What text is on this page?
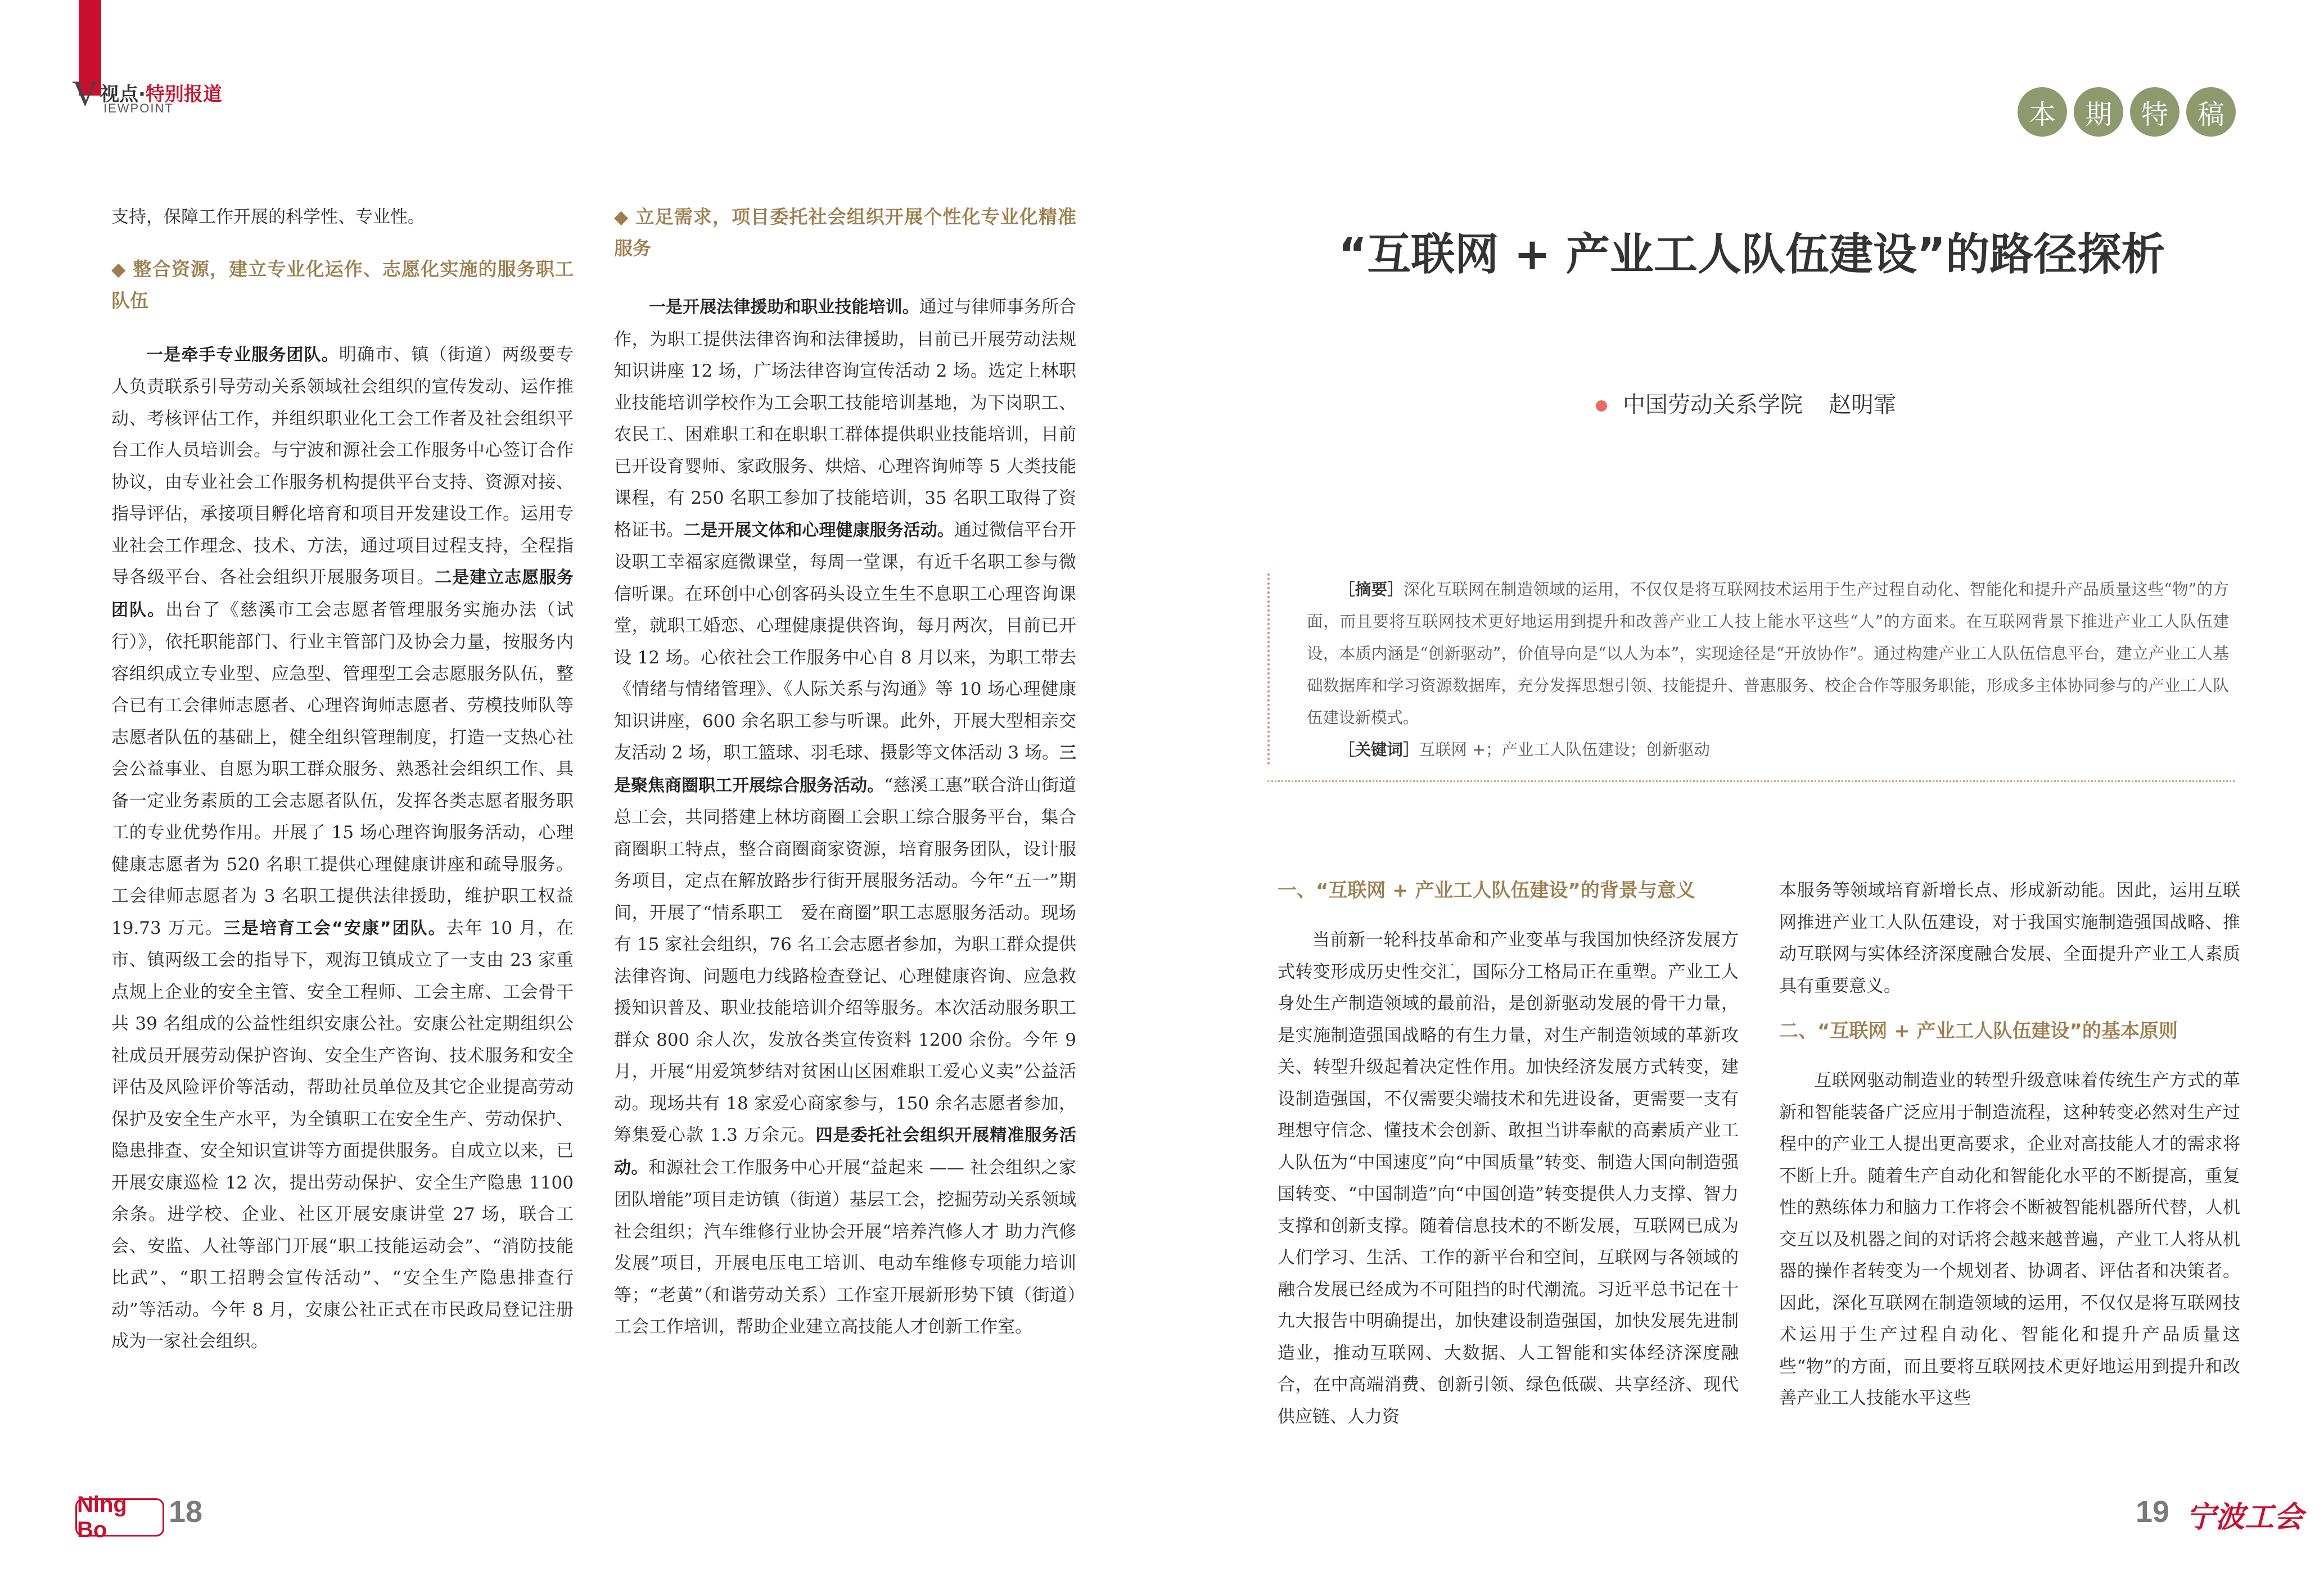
V 视点·特别报道
IEWPOINT	本	期	特	稿

支持，保障工作开展的科学性、专业性。

◆ 整合资源，建立专业化运作、志愿化实施的服务职工队伍

一是牵手专业服务团队。明确市、镇（街道）两级要专人负责联系引导劳动关系领域社会组织的宣传发动、运作推动、考核评估工作，并组织职业化工会工作者及社会组织平台工作人员培训会。与宁波和源社会工作服务中心签订合作协议，由专业社会工作服务机构提供平台支持、资源对接、指导评估，承接项目孵化培育和项目开发建设工作。运用专业社会工作理念、技术、方法，通过项目过程支持，全程指导各级平台、各社会组织开展服务项目。二是建立志愿服务团队。出台了《慈溪市工会志愿者管理服务实施办法（试行）》，依托职能部门、行业主管部门及协会力量，按服务内容组织成立专业型、应急型、管理型工会志愿服务队伍，整合已有工会律师志愿者、心理咨询师志愿者、劳模技师队等志愿者队伍的基础上，健全组织管理制度，打造一支热心社会公益事业、自愿为职工群众服务、熟悉社会组织工作、具备一定业务素质的工会志愿者队伍，发挥各类志愿者服务职工的专业优势作用。开展了 15 场心理咨询服务活动，心理健康志愿者为 520 名职工提供心理健康讲座和疏导服务。工会律师志愿者为 3 名职工提供法律援助，维护职工权益 19.73 万元。三是培育工会“安康”团队。去年 10 月，在市、镇两级工会的指导下，观海卫镇成立了一支由 23 家重点规上企业的安全主管、安全工程师、工会主席、工会骨干共 39 名组成的公益性组织安康公社。安康公社定期组织公社成员开展劳动保护咨询、安全生产咨询、技术服务和安全评估及风险评价等活动，帮助社员单位及其它企业提高劳动保护及安全生产水平，为全镇职工在安全生产、劳动保护、隐患排查、安全知识宣讲等方面提供服务。自成立以来，已开展安康巡检 12 次，提出劳动保护、安全生产隐患 1100 余条。进学校、企业、社区开展安康讲堂 27 场，联合工会、安监、人社等部门开展“职工技能运动会”、“消防技能比武”、“职工招聘会宣传活动”、“安全生产隐患排查行动”等活动。今年 8 月，安康公社正式在市民政局登记注册成为一家社会组织。

◆ 立足需求，项目委托社会组织开展个性化专业化精准服务

一是开展法律援助和职业技能培训。通过与律师事务所合作，为职工提供法律咨询和法律援助，目前已开展劳动法规知识讲座 12 场，广场法律咨询宣传活动 2 场。选定上林职业技能培训学校作为工会职工技能培训基地，为下岗职工、农民工、困难职工和在职职工群体提供职业技能培训，目前已开设育婴师、家政服务、烘焙、心理咨询师等 5 大类技能课程，有 250 名职工参加了技能培训，35 名职工取得了资格证书。二是开展文体和心理健康服务活动。通过微信平台开设职工幸福家庭微课堂，每周一堂课，有近千名职工参与微信听课。在环创中心创客码头设立生生不息职工心理咨询课堂，就职工婚恋、心理健康提供咨询，每月两次，目前已开设 12 场。心依社会工作服务中心自 8 月以来，为职工带去《情绪与情绪管理》、《人际关系与沟通》等 10 场心理健康知识讲座，600 余名职工参与听课。此外，开展大型相亲交友活动 2 场，职工篮球、羽毛球、摄影等文体活动 3 场。三是聚焦商圈职工开展综合服务活动。“慈溪工惠”联合浒山街道总工会，共同搭建上林坊商圈工会职工综合服务平台，集合商圈职工特点，整合商圈商家资源，培育服务团队，设计服务项目，定点在解放路步行街开展服务活动。今年“五一”期间，开展了“情系职工　爱在商圈”职工志愿服务活动。现场有 15 家社会组织，76 名工会志愿者参加，为职工群众提供法律咨询、问题电力线路检查登记、心理健康咨询、应急救援知识普及、职业技能培训介绍等服务。本次活动服务职工群众 800 余人次，发放各类宣传资料 1200 余份。今年 9 月，开展“用爱筑梦结对贫困山区困难职工爱心义卖”公益活动。现场共有 18 家爱心商家参与，150 余名志愿者参加，筹集爱心款 1.3 万余元。四是委托社会组织开展精准服务活动。和源社会工作服务中心开展“益起来 —— 社会组织之家团队增能”项目走访镇（街道）基层工会，挖掘劳动关系领域社会组织；汽车维修行业协会开展“培养汽修人才 助力汽修发展”项目，开展电压电工培训、电动车维修专项能力培训等；“老黄”（和谐劳动关系）工作室开展新形势下镇（街道）工会工作培训，帮助企业建立高技能人才创新工作室。

“互联网 + 产业工人队伍建设”的路径探析
中国劳动关系学院 赵明霏

［摘要］深化互联网在制造领域的运用，不仅仅是将互联网技术运用于生产过程自动化、智能化和提升产品质量这些“物”的方面，而且要将互联网技术更好地运用到提升和改善产业工人技上能水平这些“人”的方面来。在互联网背景下推进产业工人队伍建设，本质内涵是“创新驱动”，价值导向是“以人为本”，实现途径是“开放协作”。通过构建产业工人队伍信息平台，建立产业工人基础数据库和学习资源数据库，充分发挥思想引领、技能提升、普惠服务、校企合作等服务职能，形成多主体协同参与的产业工人队伍建设新模式。

［关键词］互联网 +；产业工人队伍建设；创新驱动

一、“互联网 + 产业工人队伍建设”的背景与意义

当前新一轮科技革命和产业变革与我国加快经济发展方式转变形成历史性交汇，国际分工格局正在重塑。产业工人身处生产制造领域的最前沿，是创新驱动发展的骨干力量，是实施制造强国战略的有生力量，对生产制造领域的革新攻关、转型升级起着决定性作用。加快经济发展方式转变，建设制造强国，不仅需要尖端技术和先进设备，更需要一支有理想守信念、懂技术会创新、敢担当讲奉献的高素质产业工人队伍为“中国速度”向“中国质量”转变、制造大国向制造强国转变、“中国制造”向“中国创造”转变提供人力支撑、智力支撑和创新支撑。随着信息技术的不断发展，互联网已成为人们学习、生活、工作的新平台和空间，互联网与各领域的融合发展已经成为不可阻挡的时代潮流。习近平总书记在十九大报告中明确提出，加快建设制造强国，加快发展先进制造业，推动互联网、大数据、人工智能和实体经济深度融合，在中高端消费、创新引领、绿色低碳、共享经济、现代供应链、人力资

本服务等领域培育新增长点、形成新动能。因此，运用互联网推进产业工人队伍建设，对于我国实施制造强国战略、推动互联网与实体经济深度融合发展、全面提升产业工人素质具有重要意义。

二、“互联网 + 产业工人队伍建设”的基本原则

互联网驱动制造业的转型升级意味着传统生产方式的革新和智能装备广泛应用于制造流程，这种转变必然对生产过程中的产业工人提出更高要求，企业对高技能人才的需求将不断上升。随着生产自动化和智能化水平的不断提高，重复性的熟练体力和脑力工作将会不断被智能机器所代替，人机交互以及机器之间的对话将会越来越普遍，产业工人将从机器的操作者转变为一个规划者、协调者、评估者和决策者。因此，深化互联网在制造领域的运用，不仅仅是将互联网技术运用于生产过程自动化、智能化和提升产品质量这些“物”的方面，而且要将互联网技术更好地运用到提升和改善产业工人技能水平这些

Ning Bo
18	19 宁波工会
